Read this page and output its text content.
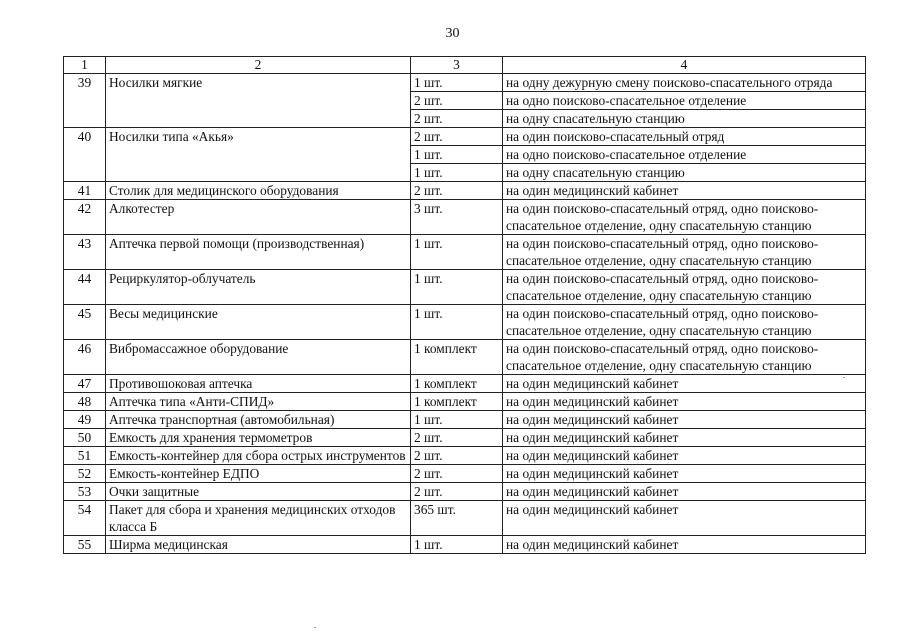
30
1	2	3	4
39	Носилки мягкие	1 шт.	на одну дежурную смену поисково-спасательного отряда
		2 шт.	на одно поисково-спасательное отделение
		2 шт.	на одну спасательную станцию
40	Носилки типа «Акья»	2 шт.	на один поисково-спасательный отряд
		1 шт.	на одно поисково-спасательное отделение
		1 шт.	на одну спасательную станцию
41	Столик для медицинского оборудования	2 шт.	на один медицинский кабинет
42	Алкотестер	3 шт.	на один поисково-спасательный отряд, одно поисково-спасательное отделение, одну спасательную станцию
43	Аптечка первой помощи (производственная)	1 шт.	на один поисково-спасательный отряд, одно поисково-спасательное отделение, одну спасательную станцию
44	Рециркулятор-облучатель	1 шт.	на один поисково-спасательный отряд, одно поисково-спасательное отделение, одну спасательную станцию
45	Весы медицинские	1 шт.	на один поисково-спасательный отряд, одно поисково-спасательное отделение, одну спасательную станцию
46	Вибромассажное оборудование	1 комплект	на один поисково-спасательный отряд, одно поисково-спасательное отделение, одну спасательную станцию
47	Противошоковая аптечка	1 комплект	на один медицинский кабинет
48	Аптечка типа «Анти-СПИД»	1 комплект	на один медицинский кабинет
49	Аптечка транспортная (автомобильная)	1 шт.	на один медицинский кабинет
50	Емкость для хранения термометров	2 шт.	на один медицинский кабинет
51	Емкость-контейнер для сбора острых инструментов	2 шт.	на один медицинский кабинет
52	Емкость-контейнер ЕДПО	2 шт.	на один медицинский кабинет
53	Очки защитные	2 шт.	на один медицинский кабинет
54	Пакет для сбора и хранения медицинских отходов класса Б	365 шт.	на один медицинский кабинет
55	Ширма медицинская	1 шт.	на один медицинский кабинет
